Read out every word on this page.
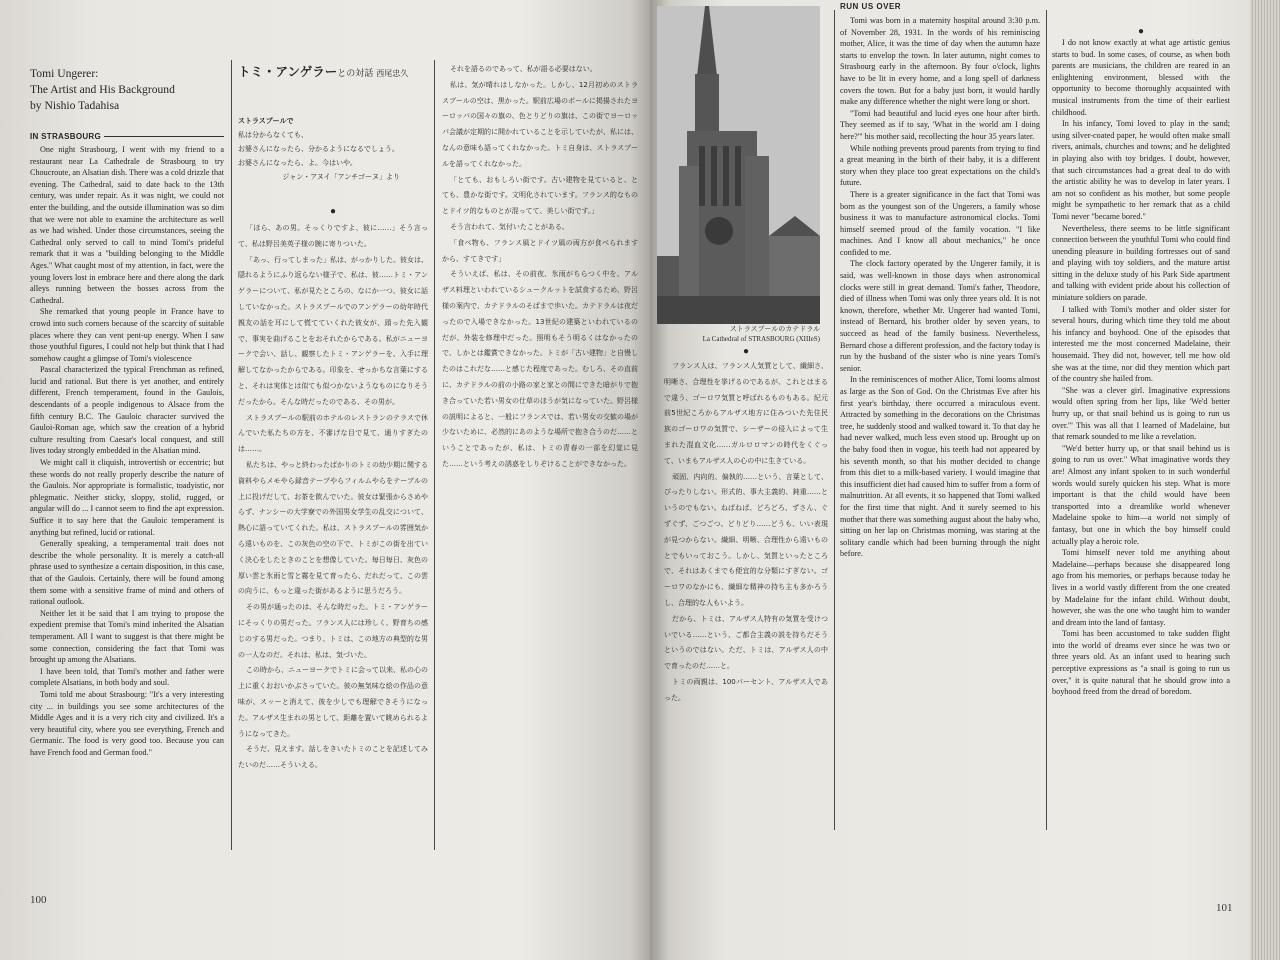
Tomi Ungerer:
The Artist and His Background
by Nishio Tadahisa
IN STRASBOURG

One night Strasbourg, I went with my friend to a restaurant near La Cathedrale de Strasbourg to try Choucroute, an Alsatian dish. There was a cold drizzle that evening. The Cathedral, said to date back to the 13th century, was under repair. As it was night, we could not enter the building, and the outside illumination was so dim that we were not able to examine the architecture as well as we had wished. Under those circumstances, seeing the Cathedral only served to call to mind Tomi's prideful remark that it was a "building belonging to the Middle Ages." What caught most of my attention, in fact, were the young lovers lost in embrace here and there along the dark alleys running between the bosses across from the Cathedral.

She remarked that young people in France have to crowd into such corners because of the scarcity of suitable places where they can vent pent-up energy. When I saw those youthful figures, I could not help but think that I had somehow caught a glimpse of Tomi's violescence

Pascal characterized the typical Frenchman as refined, lucid and rational. But there is yet another, and entirely different, French temperament, found in the Gaulois, descendants of a people indigenous to Alsace from the fifth century B.C. The Gauloic character survived the Gauloi-Roman age, which saw the creation of a hybrid culture resulting from Caesar's local conquest, and still lives today strongly embedded in the Alsatian mind.

We might call it cliquish, introvertish or eccentric; but these words do not really properly describe the nature of the Gaulois. Nor appropriate is formalistic, toadyistic, nor phlegmatic. Neither sticky, sloppy, stolid, rugged, or angular will do ... I cannot seem to find the apt expression. Suffice it to say here that the Gauloic temperament is anything but refined, lucid or rational.

Generally speaking, a temperamental trait does not describe the whole personality. It is merely a catch-all phrase used to synthesize a certain disposition, in this case, that of the Gaulois. Certainly, there will be found among them some with a sensitive frame of mind and others of rational outlook.

Neither let it be said that I am trying to propose the expedient premise that Tomi's mind inherited the Alsatian temperament. All I want to suggest is that there might be some connection, considering the fact that Tomi was brought up among the Alsatians.

I have been told, that Tomi's mother and father were complete Alsatians, in both body and soul.

Tomi told me about Strasbourg: "It's a very interesting city ... in buildings you see some architectures of the Middle Ages and it is a very rich city and civilized. It's a very beautiful city, where you see everything, French and Germanic. The food is very good too. Because you can have French food and German food."

トミ・アンゲラーとの対話 西尾忠久
ストラスブールで
私は分からなくても、
お婆さんになったら、分かるようになるでしょう。
お婆さんになったら、よ。今はいや。
ジャン・アヌイ「アンチゴーヌ」より
●

「ほら、あの男。そっくりですよ、彼に……」そう言って、私は野呂美英子様の腕に寄りついた。

「あっ、行ってしまった」私は、がっかりした。彼女は、隠れるようにふり返らない様子で、私は、彼……トミ・アンゲラーについて、私が見たところの、なにか一つ、彼女に話していなかった。ストラスブールでのアンゲラーの幼年時代親友の話を耳にして慌てていくれた彼女が、頭った先入観で、事実を曲げることをおそれたからである。私がニューヨークで会い、話し、観察したトミ・アンゲラーを、入手に理解してなかったからである。印象を、せっかちな言葉にすると、それは実体とは似ても似つかないようなものになりそうだったから。そんな時だったのである、その男が。

ストラスブールの駅前のホテルのレストランのテラスで休んでいた私たちの方を、不審げな目で見て、通りすぎたのは……。

私たちは、やっと終わったばかりのトミの幼少期に関する資料やらメモやら録音テープやらフィルムやらをテーブルの上に投げだして、お茶を飲んでいた。彼女は緊張からさめやらず、ナンシーの大学寮での外国男女学生の乱交について、熱心に語っていてくれた。私は、ストラスブールの雰囲気から遠いものを、この灰色の空の下で、トミがこの街を出ていく決心をしたときのことを想像していた。毎日毎日、灰色の厚い雲と氷雨と雪と霧を見て育ったら、だれだって、この雲の向うに、もっと違った街があるように思うだろう。

その男が通ったのは、そんな時だった。トミ・アンゲラーにそっくりの男だった。フランス人には珍しく、野育ちの感じのする男だった。つまり、トミは、この地方の典型的な男の一人なのだ。それは、私は、気づいた。

この時から、ニューヨークでトミに会って以来、私の心の上に重くおおいかぶさっていた。彼の無気味な絵の作品の意味が、スッーと消えて、彼を少しでも理解できそうになった。アルザス生まれの男として、距離を置いて眺められるようになってきた。

そうだ、見えます。話しをきいたトミのことを記述してみたいのだ……そういえる。

それを語るのであって、私が語る必要はない。

私は、気が晴れはしなかった。しかし、12月初めのストラスブールの空は、黒かった。駅前広場のポールに掲揚されたヨーロッパの国々の旗の、色とりどりの旗は、この街でヨーロッパ会議が定期的に開かれていることを示していたが、私には、なんの意味も語ってくれなかった。トミ自身は、ストラスブールを語ってくれなかった。

「とても、おもしろい街です。古い建物を見ていると、とても、豊かな街です。文明化されています。フランス的なものとドイツ的なものとが混ってて、美しい街です。」

そう言われて、気付いたことがある。

「食べ物も、フランス風とドイツ風の両方が食べられますから、すてきです」

そういえば、私は、その前夜、氷雨がちらつく中を、アルザス料理といわれているシュークルットを試食するため、野呂様の案内で、カテドラルのそばまで歩いた。カテドラルは夜だったので入場できなかった。13世紀の建築といわれているのだが、外装を修理中だった。照明もそう明るくはなかったので、しかとは鑑賞できなかった。トミが「古い建物」と自慢したのはこれだな……と感じた程度であった。むしろ、その直前に、カテドラルの前の小路の家と家との間にできた暗がりで抱き合っていた若い男女の仕草のほうが気になっていた。野呂様の説明によると、一般にフランスでは、若い男女の交歓の場が少ないために、必然的にあのような場所で抱き合うのだ……ということであったが、私は、トミの青春の一部を幻覚に見た……という考えの誘惑をしりぞけることができなかった。

100
ストラスブールのカテドラル
La Cathedral of STRASBOURG (XIIIeS)
●

フランス人は、フランス人気質として、繊細さ、明晰さ、合理性を挙げるのであるが、これとはまるで違う、ゴーロワ気質と呼ばれるものもある。紀元前5世紀ころからアルザス地方に住みついた先住民族のゴーロワの気質で、シーザーの侵入によって生まれた混血文化……ガルロロマンの時代をくぐって、いまもアルザス人の心の中に生きている。

頑固、内向的、偏執的……という、言葉として、ぴったりしない。形式的、事大主義的、鈍重……というのでもない。ねばねば、どろどろ、ずさん、ぐずぐず、ごつごつ、どりどり……どうも、いい表現が見つからない。繊細、明晰、合理性から遠いものとでもいっておこう。しかし、気質といったところで、それはあくまでも便宜的な分類にすぎない。ゴーロワのなかにも、繊細な精神の持ち主も多かろうし、合理的な人もいよう。

だから、トミは、アルザス人特有の気質を受けついでいる……という、ご都合主義の説を持ちだそうというのではない。ただ、トミは、アルザス人の中で育ったのだ……と。

トミの両親は、100パーセント、アルザス人であった。

RUN US OVER

Tomi was born in a maternity hospital around 3:30 p.m. of November 28, 1931. In the words of his reminiscing mother, Alice, it was the time of day when the autumn haze starts to envelop the town. In later autumn, night comes to Strasbourg early in the afternoon. By four o'clock, lights have to be lit in every home, and a long spell of darkness covers the town. But for a baby just born, it would hardly make any difference whether the night were long or short.

"Tomi had beautiful and lucid eyes one hour after birth. They seemed as if to say, 'What in the world am I doing here?'" his mother said, recollecting the hour 35 years later.

While nothing prevents proud parents from trying to find a great meaning in the birth of their baby, it is a different story when they place too great expectations on the child's future.

There is a greater significance in the fact that Tomi was born as the youngest son of the Ungerers, a family whose business it was to manufacture astronomical clocks. Tomi himself seemed proud of the family vocation. "I like machines. And I know all about mechanics," he once confided to me.

The clock factory operated by the Ungerer family, it is said, was well-known in those days when astronomical clocks were still in great demand. Tomi's father, Theodore, died of illness when Tomi was only three years old. It is not known, therefore, whether Mr. Ungerer had wanted Tomi, instead of Bernard, his brother older by seven years, to succeed as head of the family business. Nevertheless, Bernard chose a different profession, and the factory today is run by the husband of the sister who is nine years Tomi's senior.

In the reminiscences of mother Alice, Tomi looms almost as large as the Son of God. On the Christmas Eve after his first year's birthday, there occurred a miraculous event. Attracted by something in the decorations on the Christmas tree, he suddenly stood and walked toward it. To that day he had never walked, much less even stood up. Brought up on the baby food then in vogue, his teeth had not appeared by his seventh month, so that his mother decided to change from this diet to a milk-based variety. I would imagine that this insufficient diet had caused him to suffer from a form of malnutrition. At all events, it so happened that Tomi walked for the first time that night. And it surely seemed to his mother that there was something august about the baby who, sitting on her lap on Christmas morning, was staring at the solitary candle which had been burning through the night before.

●

I do not know exactly at what age artistic genius starts to bud. In some cases, of course, as when both parents are musicians, the children are reared in an enlightening environment, blessed with the opportunity to become thoroughly acquainted with musical instruments from the time of their earliest childhood.

In his infancy, Tomi loved to play in the sand; using silver-coated paper, he would often make small rivers, animals, churches and towns; and he delighted in playing also with toy bridges. I doubt, however, that such circumstances had a great deal to do with the artistic ability he was to develop in later years. I am not so confident as his mother, but some people might be sympathetic to her remark that as a child Tomi never "became bored."

Nevertheless, there seems to be little significant connection between the youthful Tomi who could find unending pleasure in building fortresses out of sand and playing with toy soldiers, and the mature artist sitting in the deluxe study of his Park Side apartment and talking with evident pride about his collection of miniature soldiers on parade.

I talked with Tomi's mother and older sister for several hours, during which time they told me about his infancy and boyhood. One of the episodes that interested me the most concerned Madelaine, their housemaid. They did not, however, tell me how old she was at the time, nor did they mention which part of the country she hailed from.

"She was a clever girl. Imaginative expressions would often spring from her lips, like 'We'd better hurry up, or that snail behind us is going to run us over.'" This was all that I learned of Madelaine, but that remark sounded to me like a revelation.

"We'd better hurry up, or that snail behind us is going to run us over." What imaginative words they are! Almost any infant spoken to in such wonderful words would surely quicken his step. What is more important is that the child would have been transported into a dreamlike world whenever Madelaine spoke to him—a world not simply of fantasy, but one in which the boy himself could actually play a heroic role.

Tomi himself never told me anything about Madelaine—perhaps because she disappeared long ago from his memories, or perhaps because today he lives in a world vastly different from the one created by Madelaine for the infant child. Without doubt, however, she was the one who taught him to wander and dream into the land of fantasy.

Tomi has been accustomed to take sudden flight into the world of dreams ever since he was two or three years old. As an infant used to hearing such perceptive expressions as "a snail is going to run us over," it is quite natural that he should grow into a boyhood freed from the dread of boredom.

101
